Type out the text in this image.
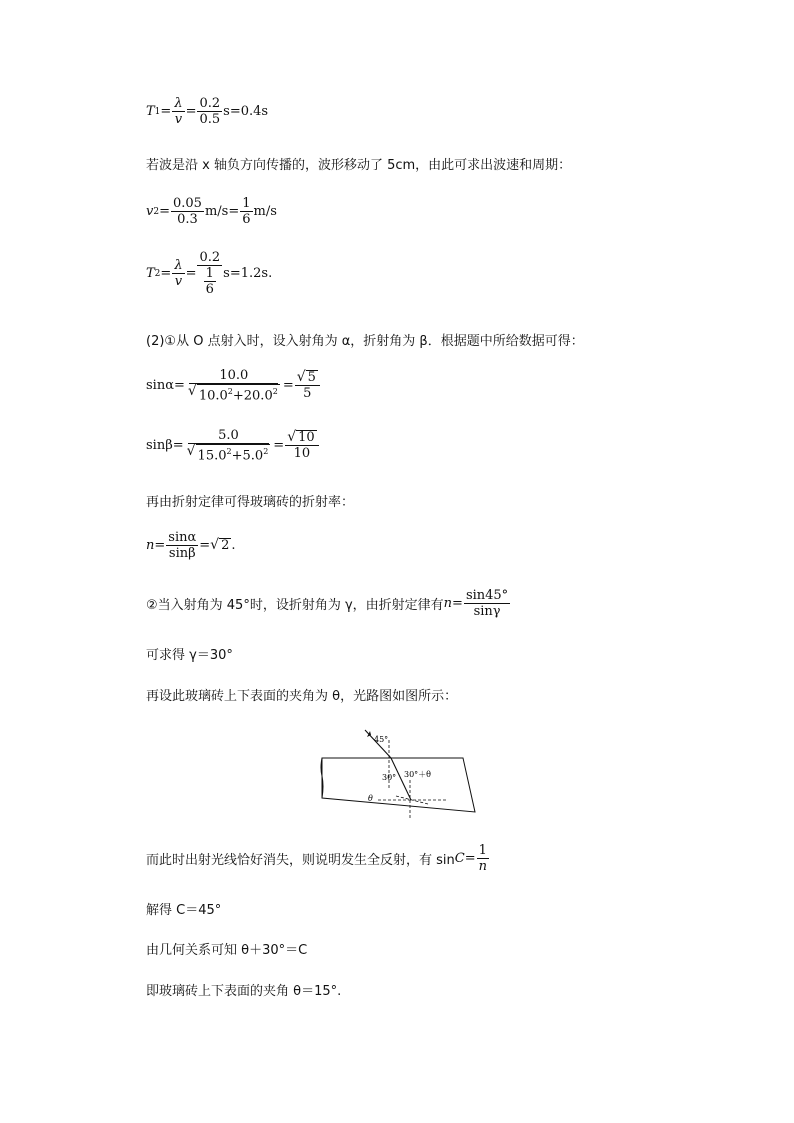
T $1 = \frac{\lambda}{v} = \frac{0.2}{0.5} s=0.4s$
若波是沿 x 轴负方向传播的，波形移动了 5cm，由此可求出波速和周期：
v $2 = \frac{0.05}{0.3} m/s= \frac{1}{6} m/s$
T $2 = \frac{\lambda}{v} = \frac{0.2}{\frac{1}{6}} s=1.2s$.
(2)①从 O 点射入时，设入射角为 α，折射角为 β．根据题中所给数据可得：
$\sin\alpha = \frac{10.0}{√ 10.0^2+20.0^2} = \frac{√ 5}{5}$
$\sin\beta = \frac{5.0}{√ 15.0^2+5.0^2} = \frac{√ 10}{10}$
再由折射定律可得玻璃砖的折射率：
$n = \frac{\sin\alpha}{\sin\beta}$ = √ 2 .
②当入射角为 45°时，设折射角为 γ，由折射定律有 $n = \frac{\sin 45^\circ}{\sin\gamma}$
可求得 γ＝30°
再设此玻璃砖上下表面的夹角为 θ，光路图如图所示：
45°
30° 30°＋θ
θ
而此时出射光线恰好消失，则说明发生全反射，有 $\sin C = \frac{1}{n}$
解得 C＝45°
由几何关系可知 θ＋30°＝C
即玻璃砖上下表面的夹角 θ＝15°.
